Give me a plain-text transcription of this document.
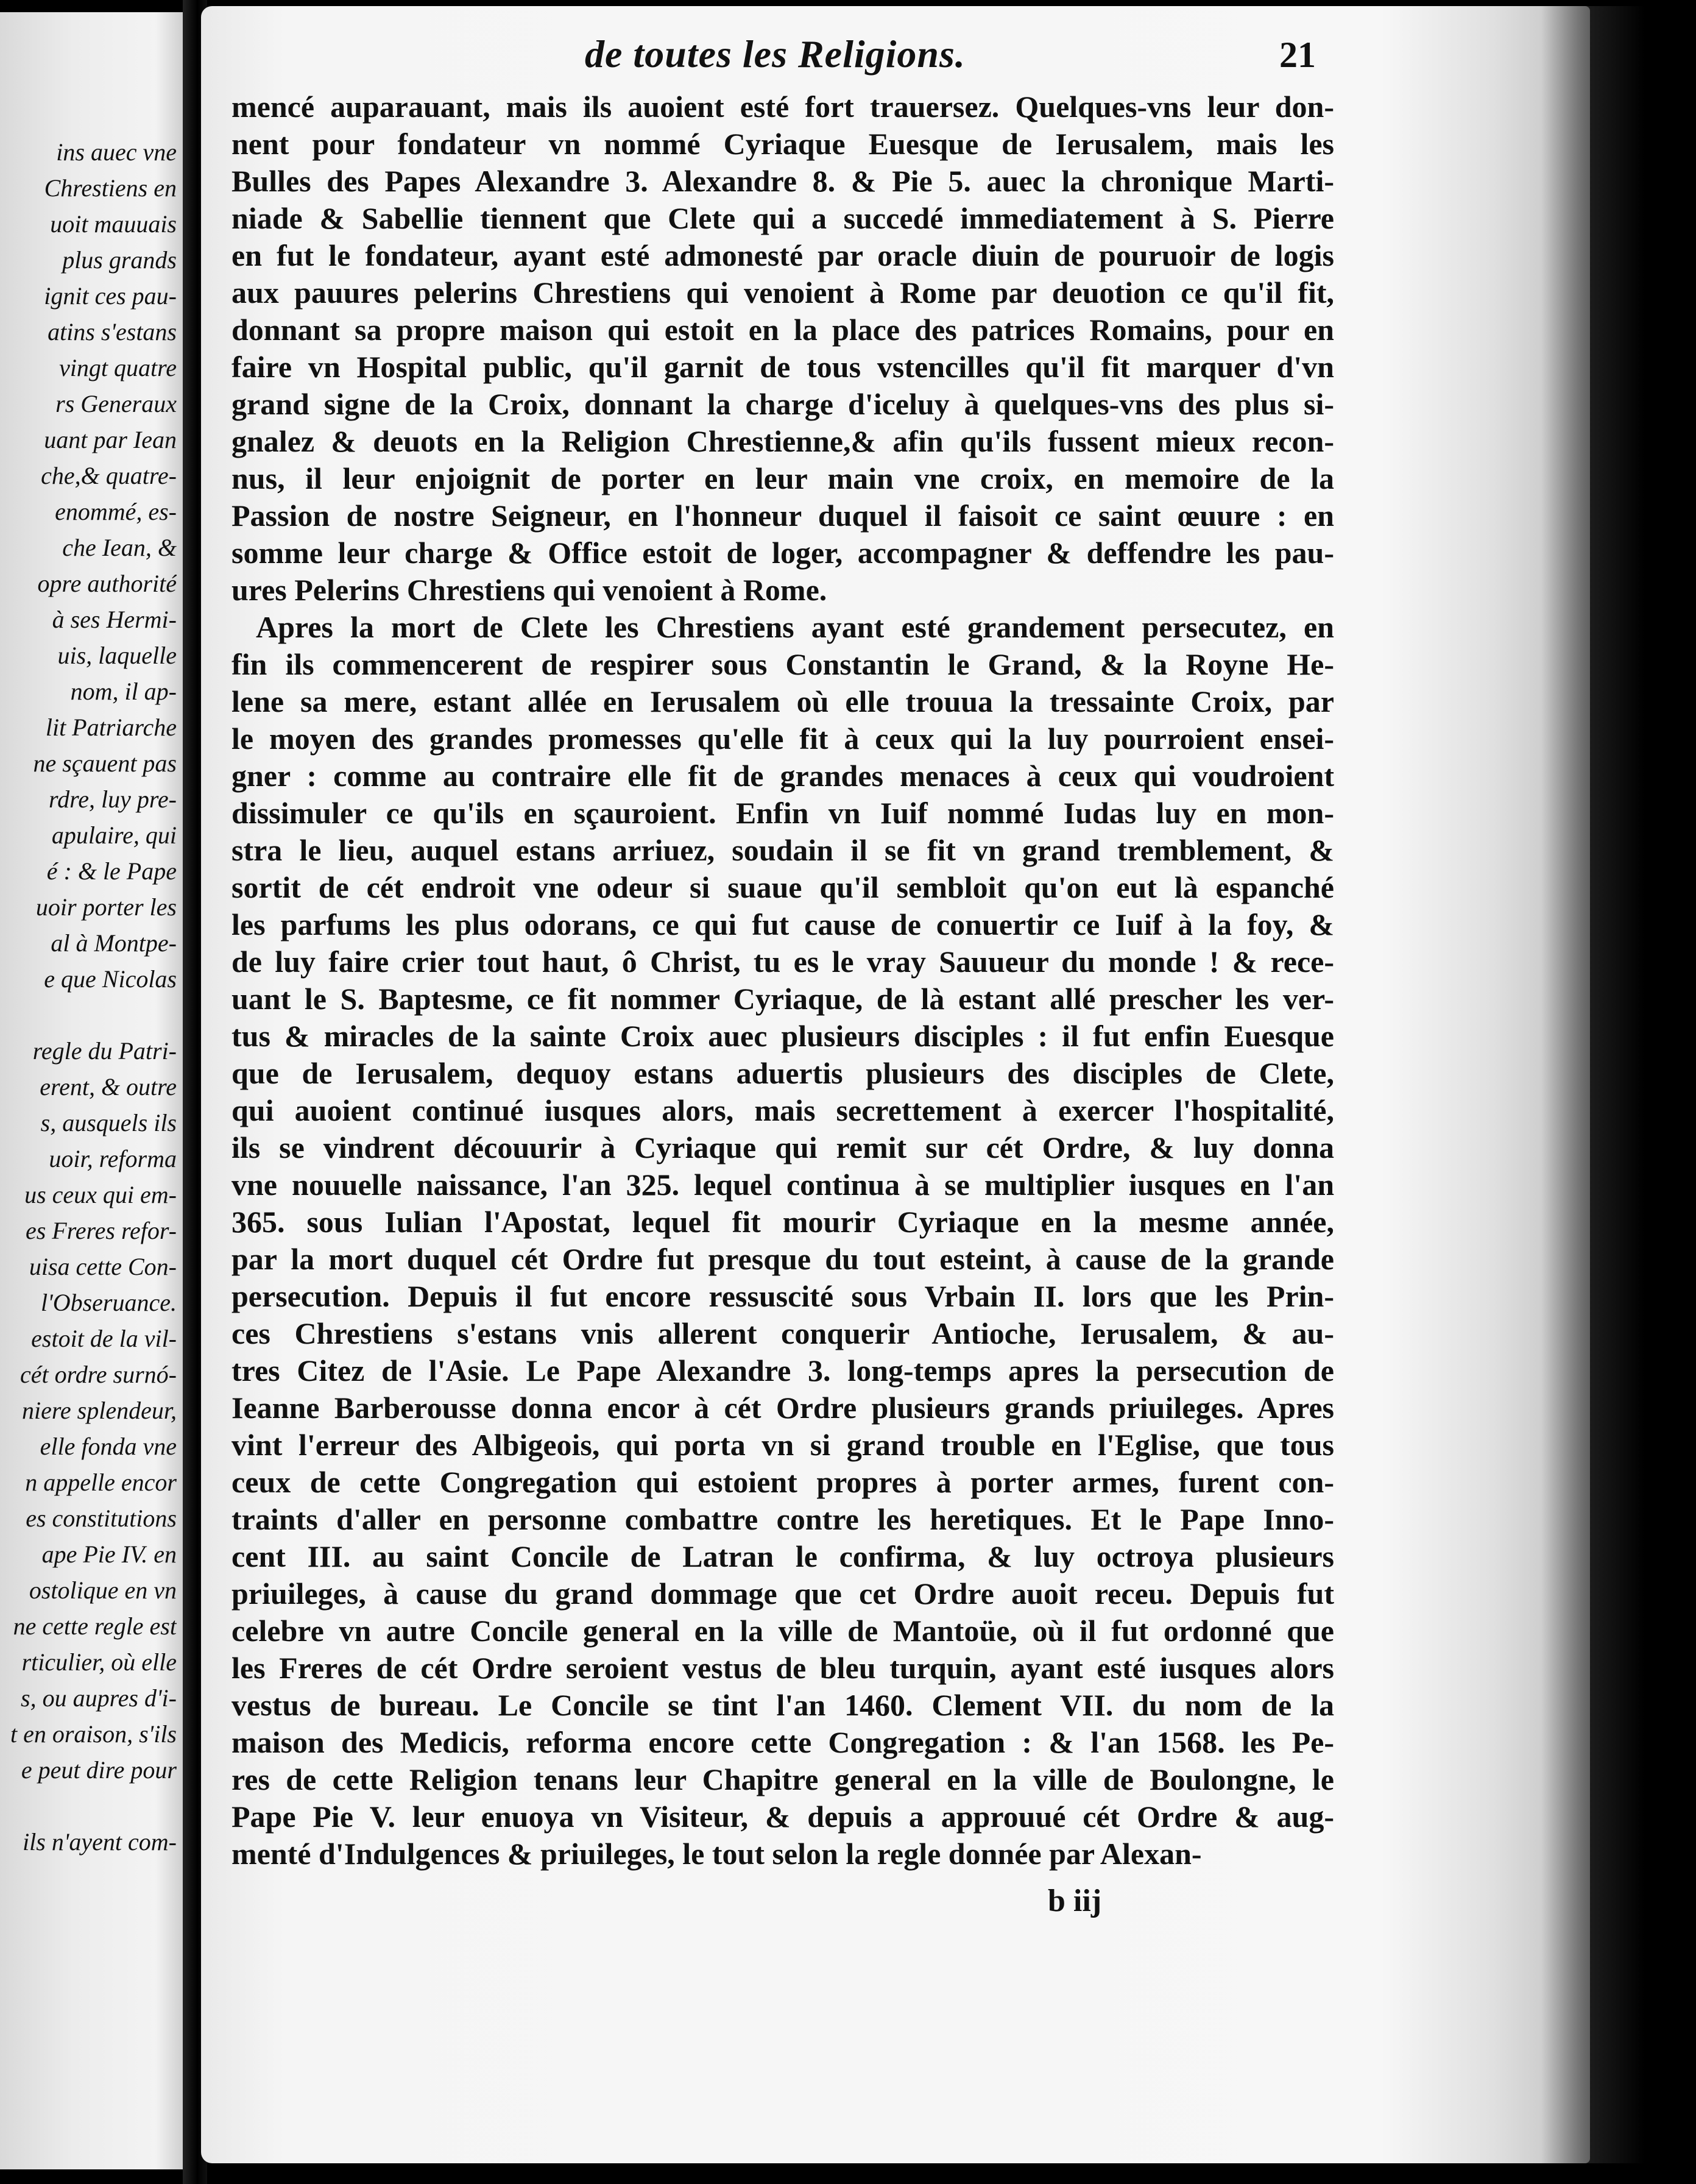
ins auec vne
Chrestiens en
uoit mauuais
plus grands
ignit ces pau-
atins s'estans
vingt quatre
rs Generaux
uant par Iean
che,& quatre-
enommé, es-
che Iean, &
opre authorité
à ses Hermi-
uis, laquelle
nom, il ap-
lit Patriarche
ne sçauent pas
rdre, luy pre-
apulaire, qui
é : & le Pape
uoir porter les
al à Montpe-
e que Nicolas
regle du Patri-
erent, & outre
s, ausquels ils
uoir, reforma
us ceux qui em-
es Freres refor-
uisa cette Con-
l'Obseruance.
estoit de la vil-
cét ordre surnó-
niere splendeur,
elle fonda vne
n appelle encor
es constitutions
ape Pie IV. en
ostolique en vn
ne cette regle est
rticulier, où elle
s, ou aupres d'i-
t en oraison, s'ils
e peut dire pour
ils n'ayent com-
de toutes les Religions.	21
mencé auparauant, mais ils auoient esté fort trauersez. Quelques-vns leur don-
nent pour fondateur vn nommé Cyriaque Euesque de Ierusalem, mais les
Bulles des Papes Alexandre 3. Alexandre 8. & Pie 5. auec la chronique Marti-
niade & Sabellie tiennent que Clete qui a succedé immediatement à S. Pierre
en fut le fondateur, ayant esté admonesté par oracle diuin de pouruoir de logis
aux pauures pelerins Chrestiens qui venoient à Rome par deuotion ce qu'il fit,
donnant sa propre maison qui estoit en la place des patrices Romains, pour en
faire vn Hospital public, qu'il garnit de tous vstencilles qu'il fit marquer d'vn
grand signe de la Croix, donnant la charge d'iceluy à quelques-vns des plus si-
gnalez & deuots en la Religion Chrestienne,& afin qu'ils fussent mieux recon-
nus, il leur enjoignit de porter en leur main vne croix, en memoire de la
Passion de nostre Seigneur, en l'honneur duquel il faisoit ce saint œuure : en
somme leur charge & Office estoit de loger, accompagner & deffendre les pau-
ures Pelerins Chrestiens qui venoient à Rome.
Apres la mort de Clete les Chrestiens ayant esté grandement persecutez, en
fin ils commencerent de respirer sous Constantin le Grand, & la Royne He-
lene sa mere, estant allée en Ierusalem où elle trouua la tressainte Croix, par
le moyen des grandes promesses qu'elle fit à ceux qui la luy pourroient ensei-
gner : comme au contraire elle fit de grandes menaces à ceux qui voudroient
dissimuler ce qu'ils en sçauroient. Enfin vn Iuif nommé Iudas luy en mon-
stra le lieu, auquel estans arriuez, soudain il se fit vn grand tremblement, &
sortit de cét endroit vne odeur si suaue qu'il sembloit qu'on eut là espanché
les parfums les plus odorans, ce qui fut cause de conuertir ce Iuif à la foy, &
de luy faire crier tout haut, ô Christ, tu es le vray Sauueur du monde ! & rece-
uant le S. Baptesme, ce fit nommer Cyriaque, de là estant allé prescher les ver-
tus & miracles de la sainte Croix auec plusieurs disciples : il fut enfin Euesque
que de Ierusalem, dequoy estans aduertis plusieurs des disciples de Clete,
qui auoient continué iusques alors, mais secrettement à exercer l'hospitalité,
ils se vindrent découurir à Cyriaque qui remit sur cét Ordre, & luy donna
vne nouuelle naissance, l'an 325. lequel continua à se multiplier iusques en l'an
365. sous Iulian l'Apostat, lequel fit mourir Cyriaque en la mesme année,
par la mort duquel cét Ordre fut presque du tout esteint, à cause de la grande
persecution. Depuis il fut encore ressuscité sous Vrbain II. lors que les Prin-
ces Chrestiens s'estans vnis allerent conquerir Antioche, Ierusalem, & au-
tres Citez de l'Asie. Le Pape Alexandre 3. long-temps apres la persecution de
Ieanne Barberousse donna encor à cét Ordre plusieurs grands priuileges. Apres
vint l'erreur des Albigeois, qui porta vn si grand trouble en l'Eglise, que tous
ceux de cette Congregation qui estoient propres à porter armes, furent con-
traints d'aller en personne combattre contre les heretiques. Et le Pape Inno-
cent III. au saint Concile de Latran le confirma, & luy octroya plusieurs
priuileges, à cause du grand dommage que cet Ordre auoit receu. Depuis fut
celebre vn autre Concile general en la ville de Mantoüe, où il fut ordonné que
les Freres de cét Ordre seroient vestus de bleu turquin, ayant esté iusques alors
vestus de bureau. Le Concile se tint l'an 1460. Clement VII. du nom de la
maison des Medicis, reforma encore cette Congregation : & l'an 1568. les Pe-
res de cette Religion tenans leur Chapitre general en la ville de Boulongne, le
Pape Pie V. leur enuoya vn Visiteur, & depuis a approuué cét Ordre & aug-
menté d'Indulgences & priuileges, le tout selon la regle donnée par Alexan-
b iij
